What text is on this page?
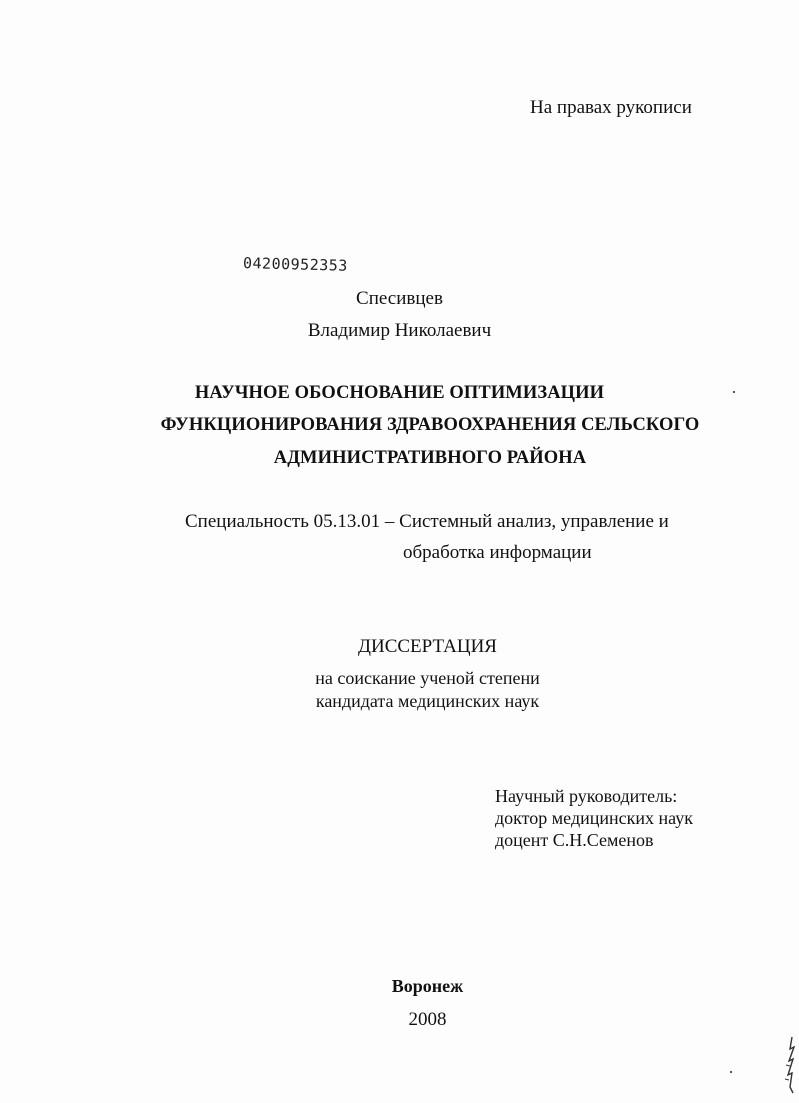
На правах рукописи
04200952353
Спесивцев
Владимир Николаевич
НАУЧНОЕ ОБОСНОВАНИЕ ОПТИМИЗАЦИИ
ФУНКЦИОНИРОВАНИЯ ЗДРАВООХРАНЕНИЯ СЕЛЬСКОГО
АДМИНИСТРАТИВНОГО РАЙОНА
Специальность 05.13.01 – Системный анализ, управление и
обработка информации
ДИССЕРТАЦИЯ
на соискание ученой степени
кандидата медицинских наук
Научный руководитель:
доктор медицинских наук
доцент С.Н.Семенов
Воронеж
2008
